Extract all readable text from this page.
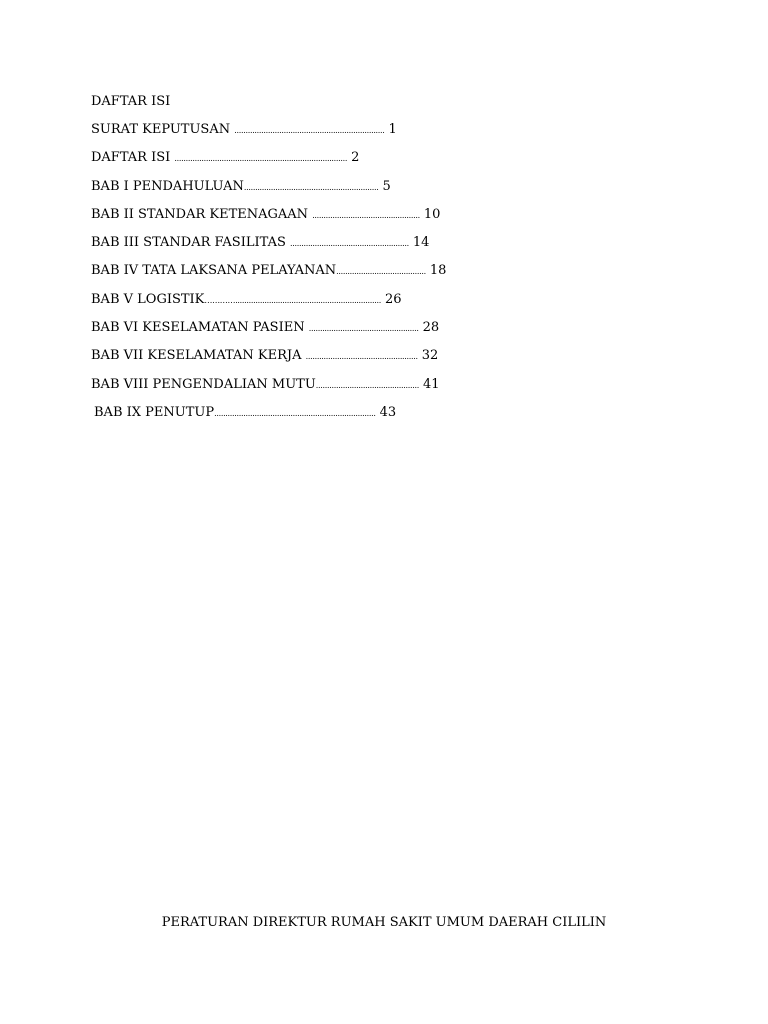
DAFTAR ISI
SURAT KEPUTUSAN ................................................................... 1
DAFTAR ISI ............................................................................. 2
BAB I PENDAHULUAN............................................................ 5
BAB II STANDAR KETENAGAAN ................................................ 10
BAB III STANDAR FASILITAS ..................................................... 14
BAB IV TATA LAKSANA PELAYANAN........................................ 18
BAB V LOGISTIK…………................................................................. 26
BAB VI KESELAMATAN PASIEN ................................................. 28
BAB VII KESELAMATAN KERJA .................................................. 32
BAB VIII PENGENDALIAN MUTU.............................................. 41
BAB IX PENUTUP........................................................................ 43
PERATURAN DIREKTUR RUMAH SAKIT UMUM DAERAH CILILIN
